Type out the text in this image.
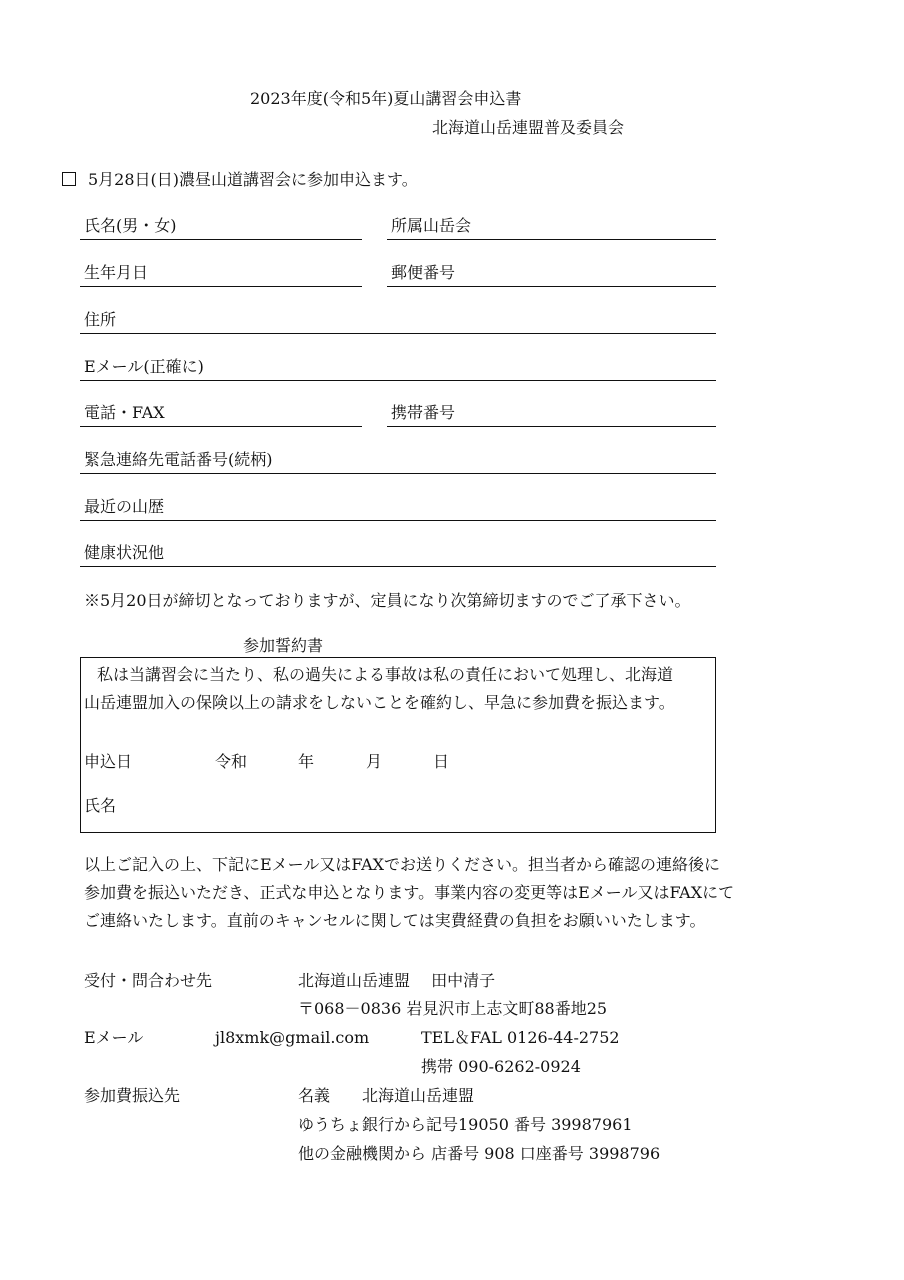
2023年度(令和5年)夏山講習会申込書
北海道山岳連盟普及委員会
5月28日(日)濃昼山道講習会に参加申込ます。
氏名(男・女)	所属山岳会
生年月日	郵便番号
住所
Eメール(正確に)
電話・FAX	携帯番号
緊急連絡先電話番号(続柄)
最近の山歴
健康状況他
※5月20日が締切となっておりますが、定員になり次第締切ますのでご了承下さい。
参加誓約書
私は当講習会に当たり、私の過失による事故は私の責任において処理し、北海道
山岳連盟加入の保険以上の請求をしないことを確約し、早急に参加費を振込ます。
申込日	令和	年	月	日
氏名
以上ご記入の上、下記にEメール又はFAXでお送りください。担当者から確認の連絡後に
参加費を振込いただき、正式な申込となります。事業内容の変更等はEメール又はFAXにて
ご連絡いたします。直前のキャンセルに関しては実費経費の負担をお願いいたします。
受付・問合わせ先	北海道山岳連盟　 田中清子
〒068－0836 岩見沢市上志文町88番地25
Eメール	jl8xmk@gmail.com	TEL＆FAL 0126-44-2752
携帯 090-6262-0924
参加費振込先	名義　　北海道山岳連盟
ゆうちょ銀行から記号19050 番号 39987961
他の金融機関から 店番号 908 口座番号 3998796
